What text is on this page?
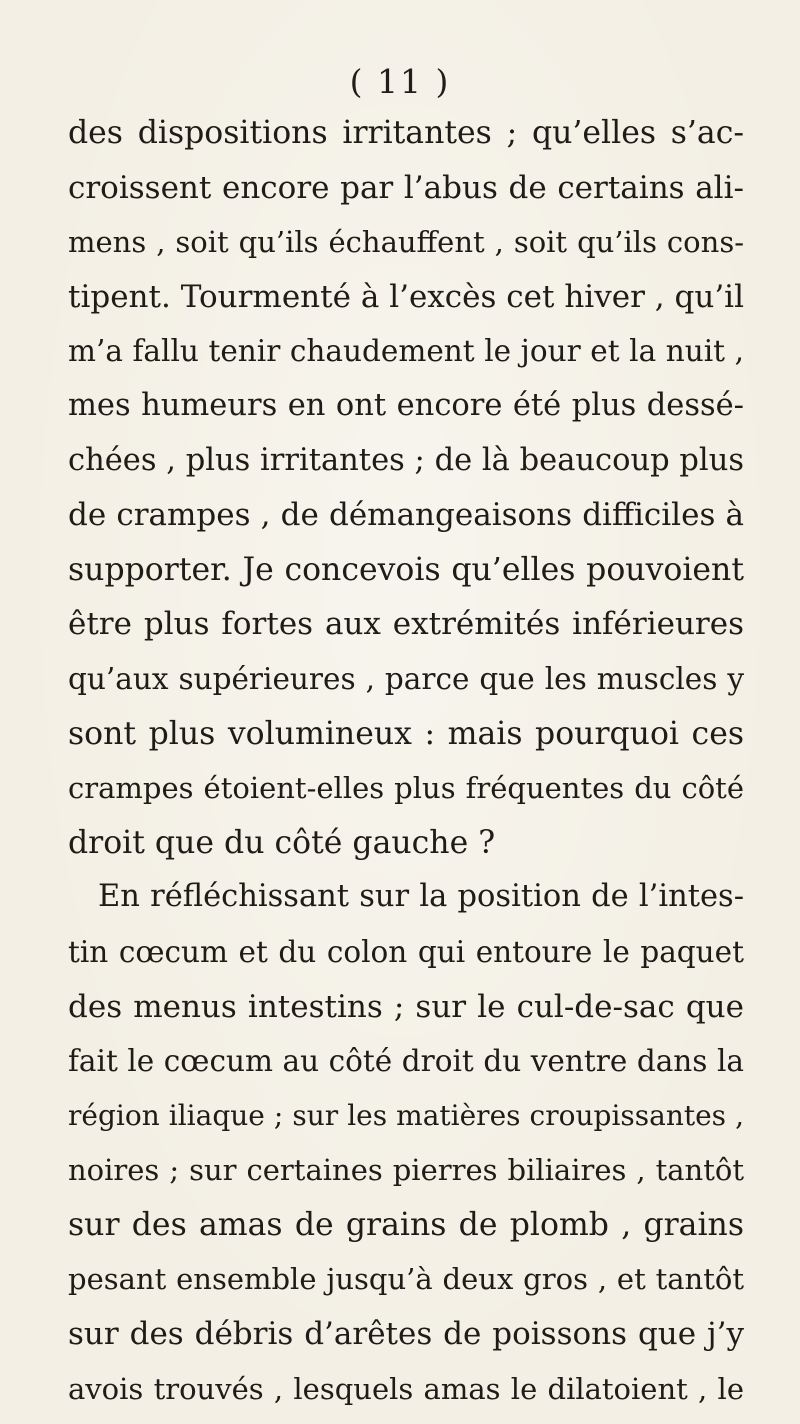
( 11 )
des dispositions irritantes ; qu’elles s’ac-
croissent encore par l’abus de certains ali-
mens , soit qu’ils échauffent , soit qu’ils cons-
tipent. Tourmenté à l’excès cet hiver , qu’il
m’a fallu tenir chaudement le jour et la nuit ,
mes humeurs en ont encore été plus dessé-
chées , plus irritantes ; de là beaucoup plus
de crampes , de démangeaisons difficiles à
supporter. Je concevois qu’elles pouvoient
être plus fortes aux extrémités inférieures
qu’aux supérieures , parce que les muscles y
sont plus volumineux : mais pourquoi ces
crampes étoient-elles plus fréquentes du côté
droit que du côté gauche ?
En réfléchissant sur la position de l’intes-
tin cœcum et du colon qui entoure le paquet
des menus intestins ; sur le cul-de-sac que
fait le cœcum au côté droit du ventre dans la
région iliaque ; sur les matières croupissantes ,
noires ; sur certaines pierres biliaires , tantôt
sur des amas de grains de plomb , grains
pesant ensemble jusqu’à deux gros , et tantôt
sur des débris d’arêtes de poissons que j’y
avois trouvés , lesquels amas le dilatoient , le
